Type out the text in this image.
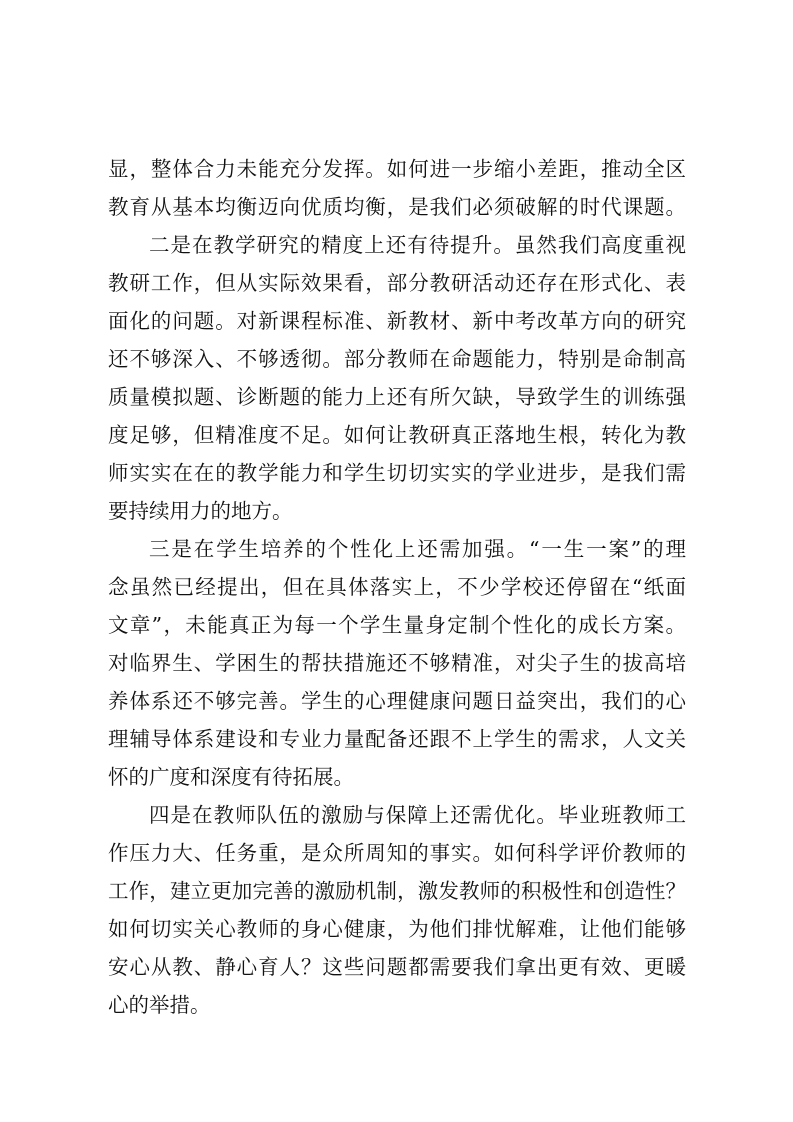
显，整体合力未能充分发挥。如何进一步缩小差距，推动全区
教育从基本均衡迈向优质均衡，是我们必须破解的时代课题。
二是在教学研究的精度上还有待提升。虽然我们高度重视
教研工作，但从实际效果看，部分教研活动还存在形式化、表
面化的问题。对新课程标准、新教材、新中考改革方向的研究
还不够深入、不够透彻。部分教师在命题能力，特别是命制高
质量模拟题、诊断题的能力上还有所欠缺，导致学生的训练强
度足够，但精准度不足。如何让教研真正落地生根，转化为教
师实实在在的教学能力和学生切切实实的学业进步，是我们需
要持续用力的地方。
三是在学生培养的个性化上还需加强。“一生一案”的理
念虽然已经提出，但在具体落实上，不少学校还停留在“纸面
文章”，未能真正为每一个学生量身定制个性化的成长方案。
对临界生、学困生的帮扶措施还不够精准，对尖子生的拔高培
养体系还不够完善。学生的心理健康问题日益突出，我们的心
理辅导体系建设和专业力量配备还跟不上学生的需求，人文关
怀的广度和深度有待拓展。
四是在教师队伍的激励与保障上还需优化。毕业班教师工
作压力大、任务重，是众所周知的事实。如何科学评价教师的
工作，建立更加完善的激励机制，激发教师的积极性和创造性？
如何切实关心教师的身心健康，为他们排忧解难，让他们能够
安心从教、静心育人？这些问题都需要我们拿出更有效、更暖
心的举措。
